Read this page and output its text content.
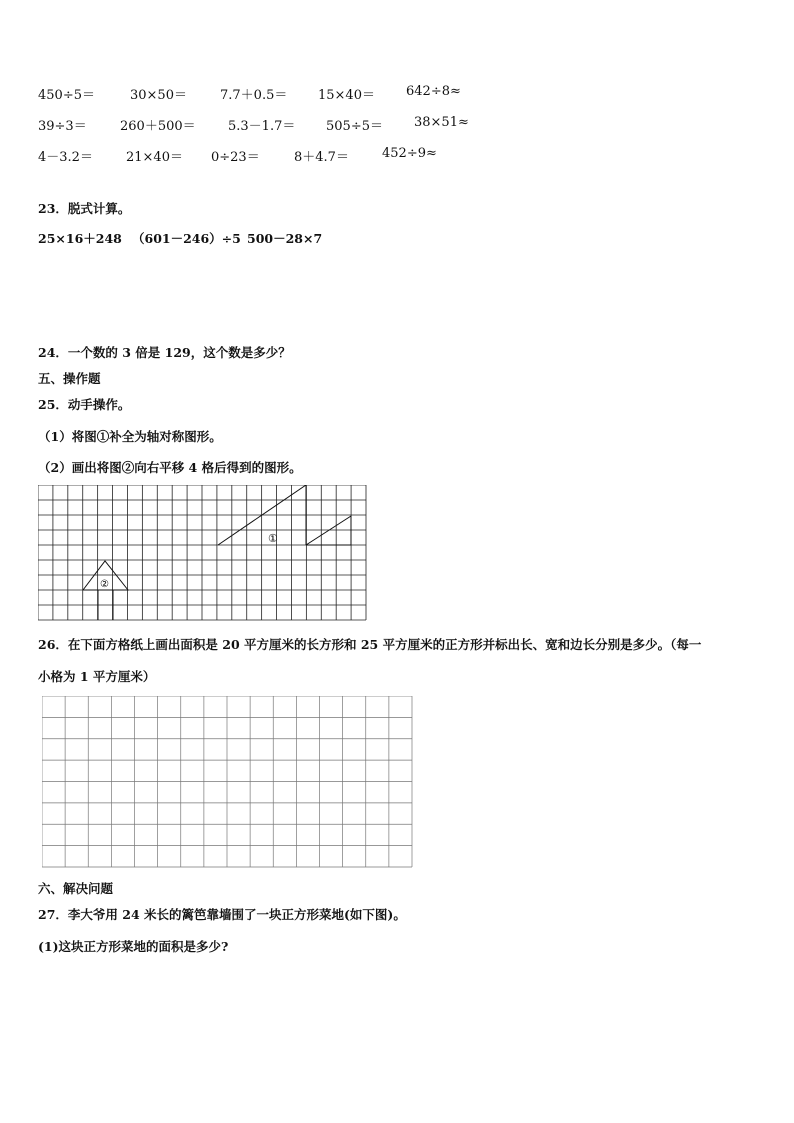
450÷5＝	30×50＝	7.7＋0.5＝ 15×40＝ 642÷8≈
39÷3＝	260＋500＝ 5.3－1.7＝ 505÷5＝ 38×51≈
4－3.2＝	21×40＝ 0÷23＝	8＋4.7＝	452÷9≈
23．脱式计算。
25×16＋248 （601－246）÷5 500－28×7
24．一个数的 3 倍是 129，这个数是多少？
五、操作题
25．动手操作。
（1）将图①补全为轴对称图形。
（2）画出将图②向右平移 4 格后得到的图形。
①
②
26．在下面方格纸上画出面积是 20 平方厘米的长方形和 25 平方厘米的正方形并标出长、宽和边长分别是多少。（每一
小格为 1 平方厘米）
六、解决问题
27．李大爷用 24 米长的篱笆靠墙围了一块正方形菜地(如下图)。
(1)这块正方形菜地的面积是多少?
